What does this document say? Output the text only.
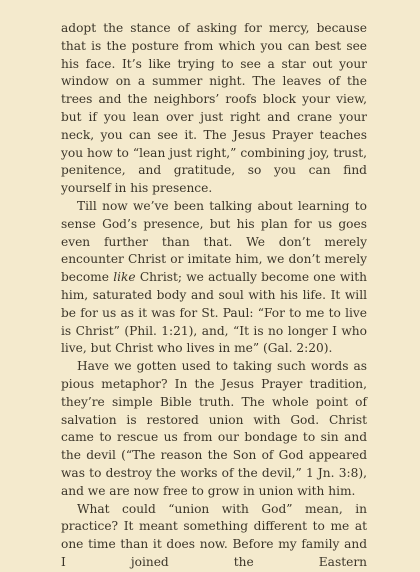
adopt the stance of asking for mercy, because that is the posture from which you can best see his face. It’s like trying to see a star out your window on a summer night. The leaves of the trees and the neighbors’ roofs block your view, but if you lean over just right and crane your neck, you can see it. The Jesus Prayer teaches you how to “lean just right,” combining joy, trust, penitence, and gratitude, so you can find yourself in his presence.

Till now we’ve been talking about learning to sense God’s presence, but his plan for us goes even further than that. We don’t merely encounter Christ or imitate him, we don’t merely become like Christ; we actually become one with him, saturated body and soul with his life. It will be for us as it was for St. Paul: “For to me to live is Christ” (Phil. 1:21), and, “It is no longer I who live, but Christ who lives in me” (Gal. 2:20).

Have we gotten used to taking such words as pious metaphor? In the Jesus Prayer tradition, they’re simple Bible truth. The whole point of salvation is restored union with God. Christ came to rescue us from our bondage to sin and the devil (“The reason the Son of God appeared was to destroy the works of the devil,” 1 Jn. 3:8), and we are now free to grow in union with him.

What could “union with God” mean, in practice? It meant something different to me at one time than it does now. Before my family and I joined the Eastern
